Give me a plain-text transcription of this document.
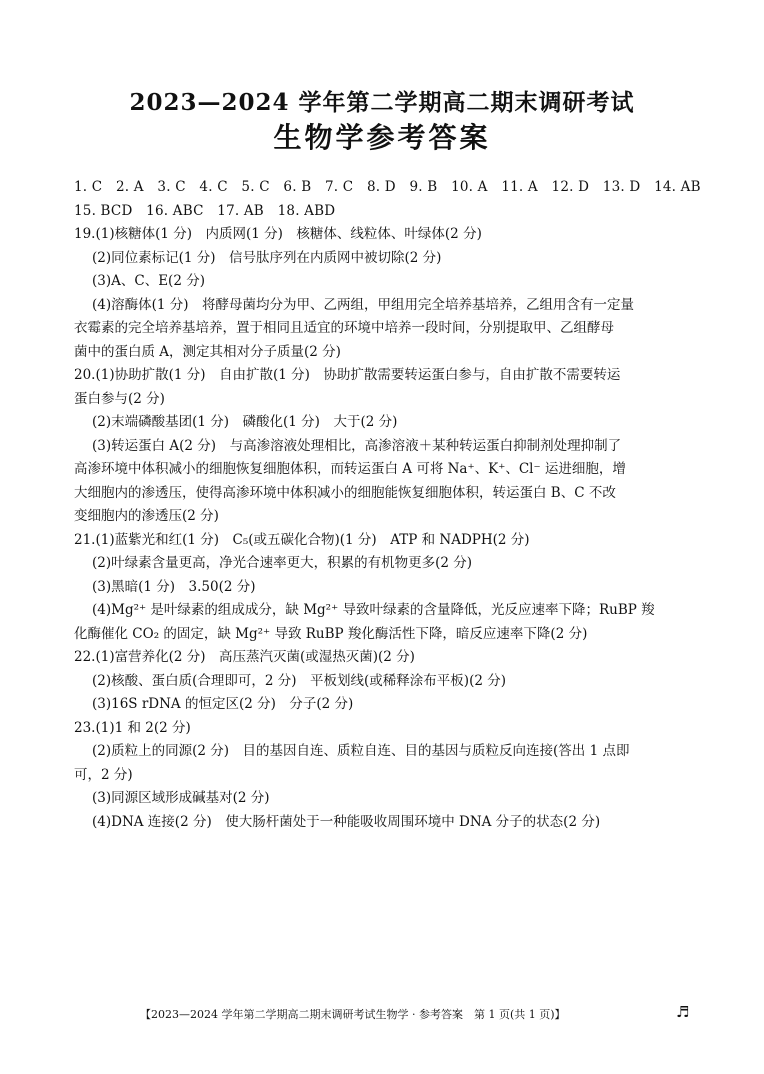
2023—2024 学年第二学期高二期末调研考试
生物学参考答案
1. C　2. A　3. C　4. C　5. C　6. B　7. C　8. D　9. B　10. A　11. A　12. D　13. D　14. AB
15. BCD　16. ABC　17. AB　18. ABD
19.(1)核糖体(1 分)　内质网(1 分)　核糖体、线粒体、叶绿体(2 分)
(2)同位素标记(1 分)　信号肽序列在内质网中被切除(2 分)
(3)A、C、E(2 分)
(4)溶酶体(1 分)　将酵母菌均分为甲、乙两组，甲组用完全培养基培养，乙组用含有一定量
衣霉素的完全培养基培养，置于相同且适宜的环境中培养一段时间，分别提取甲、乙组酵母
菌中的蛋白质 A，测定其相对分子质量(2 分)
20.(1)协助扩散(1 分)　自由扩散(1 分)　协助扩散需要转运蛋白参与，自由扩散不需要转运
蛋白参与(2 分)
(2)末端磷酸基团(1 分)　磷酸化(1 分)　大于(2 分)
(3)转运蛋白 A(2 分)　与高渗溶液处理相比，高渗溶液＋某种转运蛋白抑制剂处理抑制了
高渗环境中体积减小的细胞恢复细胞体积，而转运蛋白 A 可将 Na⁺、K⁺、Cl⁻ 运进细胞，增
大细胞内的渗透压，使得高渗环境中体积减小的细胞能恢复细胞体积，转运蛋白 B、C 不改
变细胞内的渗透压(2 分)
21.(1)蓝紫光和红(1 分)　C₅(或五碳化合物)(1 分)　ATP 和 NADPH(2 分)
(2)叶绿素含量更高，净光合速率更大，积累的有机物更多(2 分)
(3)黑暗(1 分)　3.50(2 分)
(4)Mg²⁺ 是叶绿素的组成成分，缺 Mg²⁺ 导致叶绿素的含量降低，光反应速率下降；RuBP 羧
化酶催化 CO₂ 的固定，缺 Mg²⁺ 导致 RuBP 羧化酶活性下降，暗反应速率下降(2 分)
22.(1)富营养化(2 分)　高压蒸汽灭菌(或湿热灭菌)(2 分)
(2)核酸、蛋白质(合理即可，2 分)　平板划线(或稀释涂布平板)(2 分)
(3)16S rDNA 的恒定区(2 分)　分子(2 分)
23.(1)1 和 2(2 分)
(2)质粒上的同源(2 分)　目的基因自连、质粒自连、目的基因与质粒反向连接(答出 1 点即
可，2 分)
(3)同源区域形成碱基对(2 分)
(4)DNA 连接(2 分)　使大肠杆菌处于一种能吸收周围环境中 DNA 分子的状态(2 分)
【2023—2024 学年第二学期高二期末调研考试生物学 · 参考答案　第 1 页(共 1 页)】	♬
